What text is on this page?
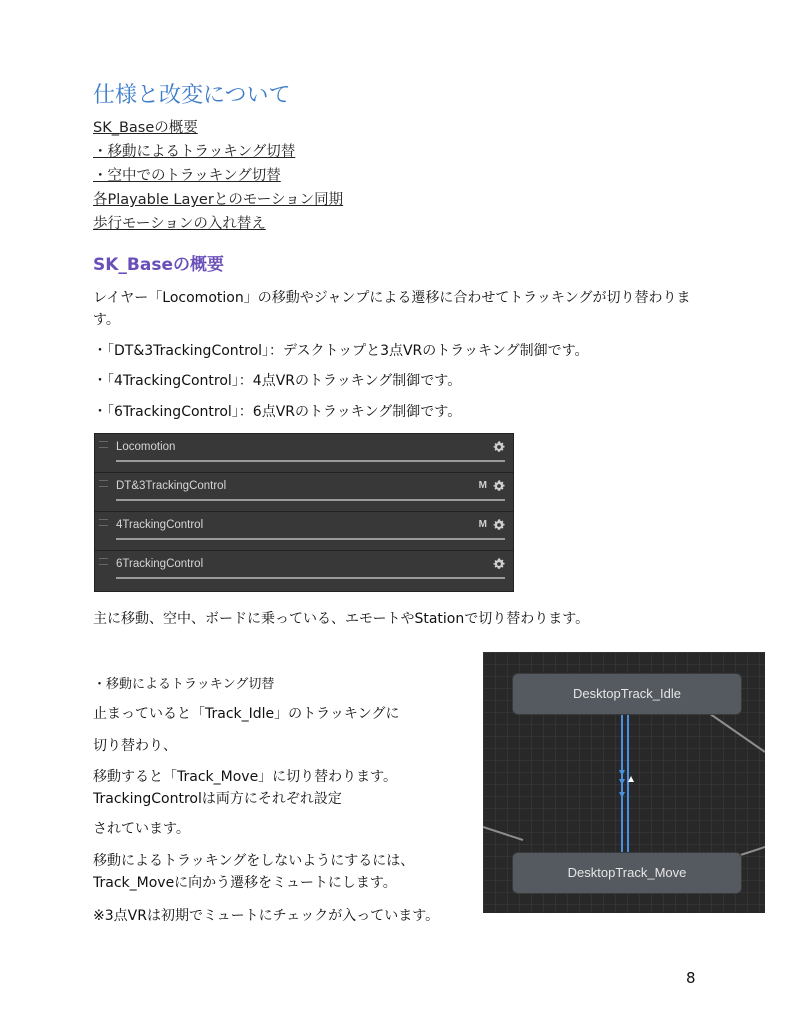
仕様と改変について
SK_Baseの概要
・移動によるトラッキング切替
・空中でのトラッキング切替
各Playable Layerとのモーション同期
歩行モーションの入れ替え
SK_Baseの概要

レイヤー「Locomotion」の移動やジャンプによる遷移に合わせてトラッキングが切り替わります。

・「DT&3TrackingControl」：デスクトップと3点VRのトラッキング制御です。

・「4TrackingControl」：4点VRのトラッキング制御です。

・「6TrackingControl」：6点VRのトラッキング制御です。

Locomotion
DT&3TrackingControl	M
4TrackingControl	M
6TrackingControl

主に移動、空中、ボードに乗っている、エモートやStationで切り替わります。

・移動によるトラッキング切替

止まっていると「Track_Idle」のトラッキングに

切り替わり、

移動すると「Track_Move」に切り替わります。
TrackingControlは両方にそれぞれ設定

されています。

移動によるトラッキングをしないようにするには、
Track_Moveに向かう遷移をミュートにします。

※3点VRは初期でミュートにチェックが入っています。

DesktopTrack_Idle
DesktopTrack_Move

8
